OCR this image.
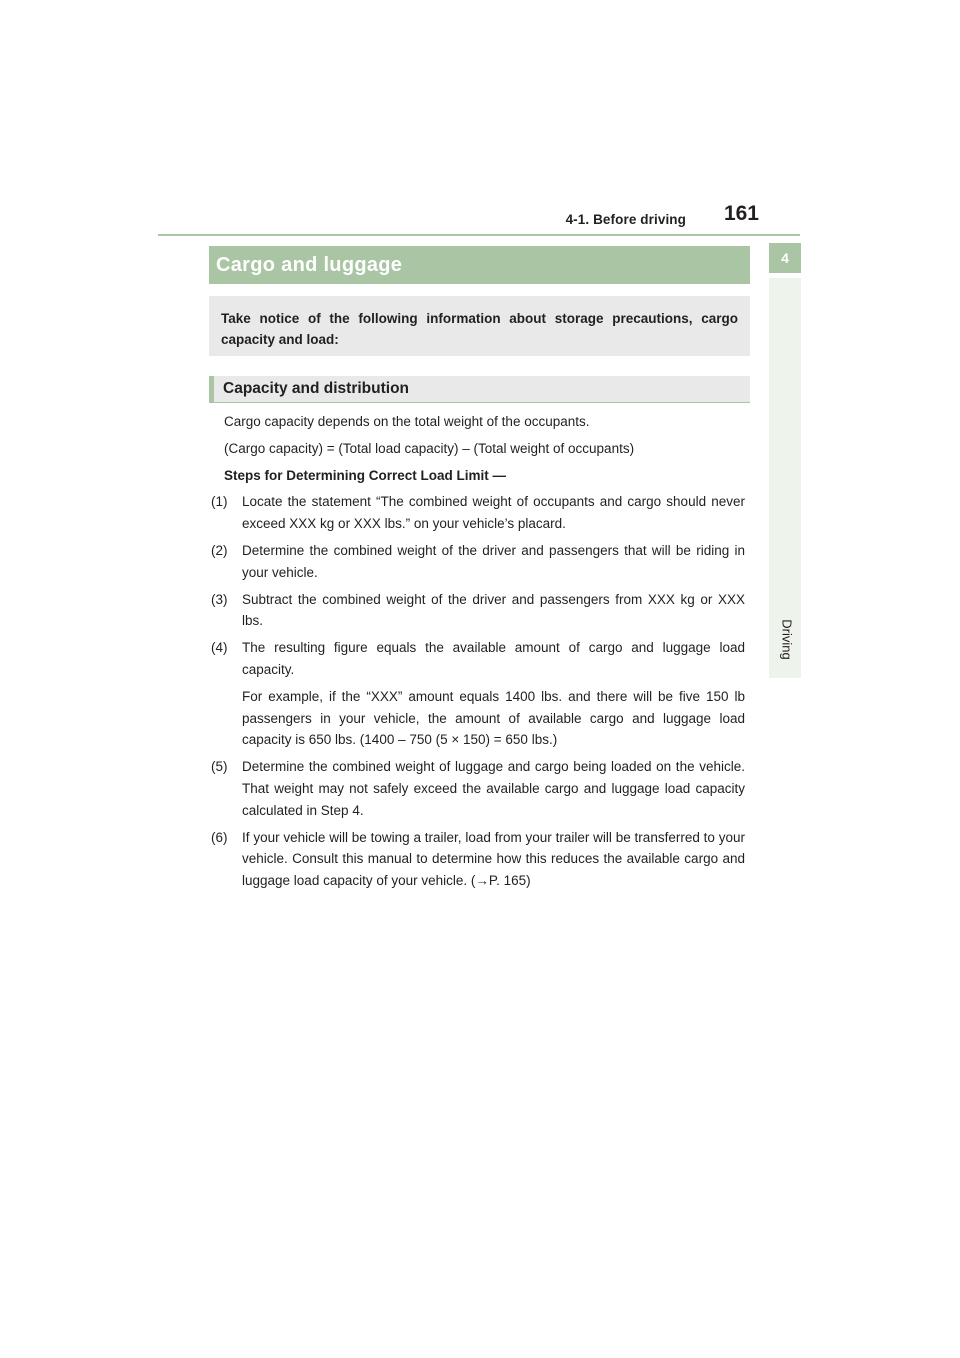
4-1. Before driving 161
4
Driving
Cargo and luggage
Take notice of the following information about storage precautions, cargo capacity and load:
Capacity and distribution

Cargo capacity depends on the total weight of the occupants.

(Cargo capacity) = (Total load capacity) – (Total weight of occupants)

Steps for Determining Correct Load Limit —

(1) Locate the statement “The combined weight of occupants and cargo should never exceed XXX kg or XXX lbs.” on your vehicle’s placard.
(2) Determine the combined weight of the driver and passengers that will be riding in your vehicle.
(3) Subtract the combined weight of the driver and passengers from XXX kg or XXX lbs.
(4) The resulting figure equals the available amount of cargo and luggage load capacity.
For example, if the “XXX” amount equals 1400 lbs. and there will be five 150 lb passengers in your vehicle, the amount of available cargo and luggage load capacity is 650 lbs. (1400 – 750 (5 × 150) = 650 lbs.)
(5) Determine the combined weight of luggage and cargo being loaded on the vehicle. That weight may not safely exceed the available cargo and luggage load capacity calculated in Step 4.
(6) If your vehicle will be towing a trailer, load from your trailer will be transferred to your vehicle. Consult this manual to determine how this reduces the available cargo and luggage load capacity of your vehicle. (→P. 165)
